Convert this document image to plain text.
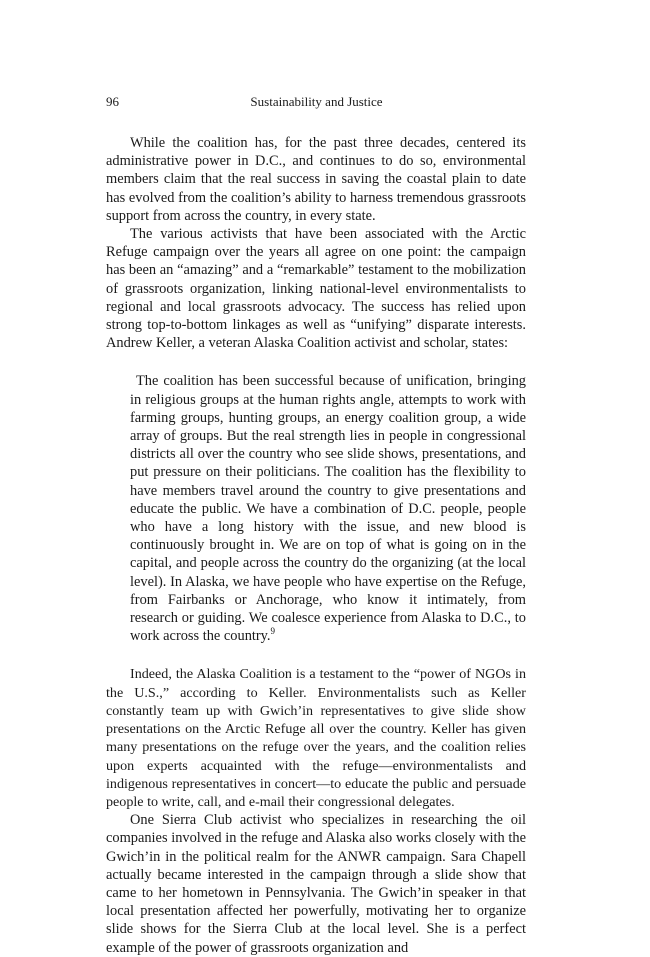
96	Sustainability and Justice

While the coalition has, for the past three decades, centered its administrative power in D.C., and continues to do so, environmental members claim that the real success in saving the coastal plain to date has evolved from the coalition’s ability to harness tremendous grassroots support from across the country, in every state.

The various activists that have been associated with the Arctic Refuge campaign over the years all agree on one point: the campaign has been an “amazing” and a “remarkable” testament to the mobilization of grassroots organization, linking national-level environmentalists to regional and local grassroots advocacy. The success has relied upon strong top-to-bottom linkages as well as “unifying” disparate interests. Andrew Keller, a veteran Alaska Coalition activist and scholar, states:

The coalition has been successful because of unification, bringing in religious groups at the human rights angle, attempts to work with farming groups, hunting groups, an energy coalition group, a wide array of groups. But the real strength lies in people in congressional districts all over the country who see slide shows, presentations, and put pressure on their politicians. The coalition has the flexibility to have members travel around the country to give presentations and educate the public. We have a combination of D.C. people, people who have a long history with the issue, and new blood is continuously brought in. We are on top of what is going on in the capital, and people across the country do the organizing (at the local level). In Alaska, we have people who have expertise on the Refuge, from Fairbanks or Anchorage, who know it intimately, from research or guiding. We coalesce experience from Alaska to D.C., to work across the country.$^9$

Indeed, the Alaska Coalition is a testament to the “power of NGOs in the U.S.,” according to Keller. Environmentalists such as Keller constantly team up with Gwich’in representatives to give slide show presentations on the Arctic Refuge all over the country. Keller has given many presentations on the refuge over the years, and the coalition relies upon experts acquainted with the refuge—environmentalists and indigenous representatives in concert—to educate the public and persuade people to write, call, and e-mail their congressional delegates.

One Sierra Club activist who specializes in researching the oil companies involved in the refuge and Alaska also works closely with the Gwich’in in the political realm for the ANWR campaign. Sara Chapell actually became interested in the campaign through a slide show that came to her hometown in Pennsylvania. The Gwich’in speaker in that local presentation affected her powerfully, motivating her to organize slide shows for the Sierra Club at the local level. She is a perfect example of the power of grassroots organization and
